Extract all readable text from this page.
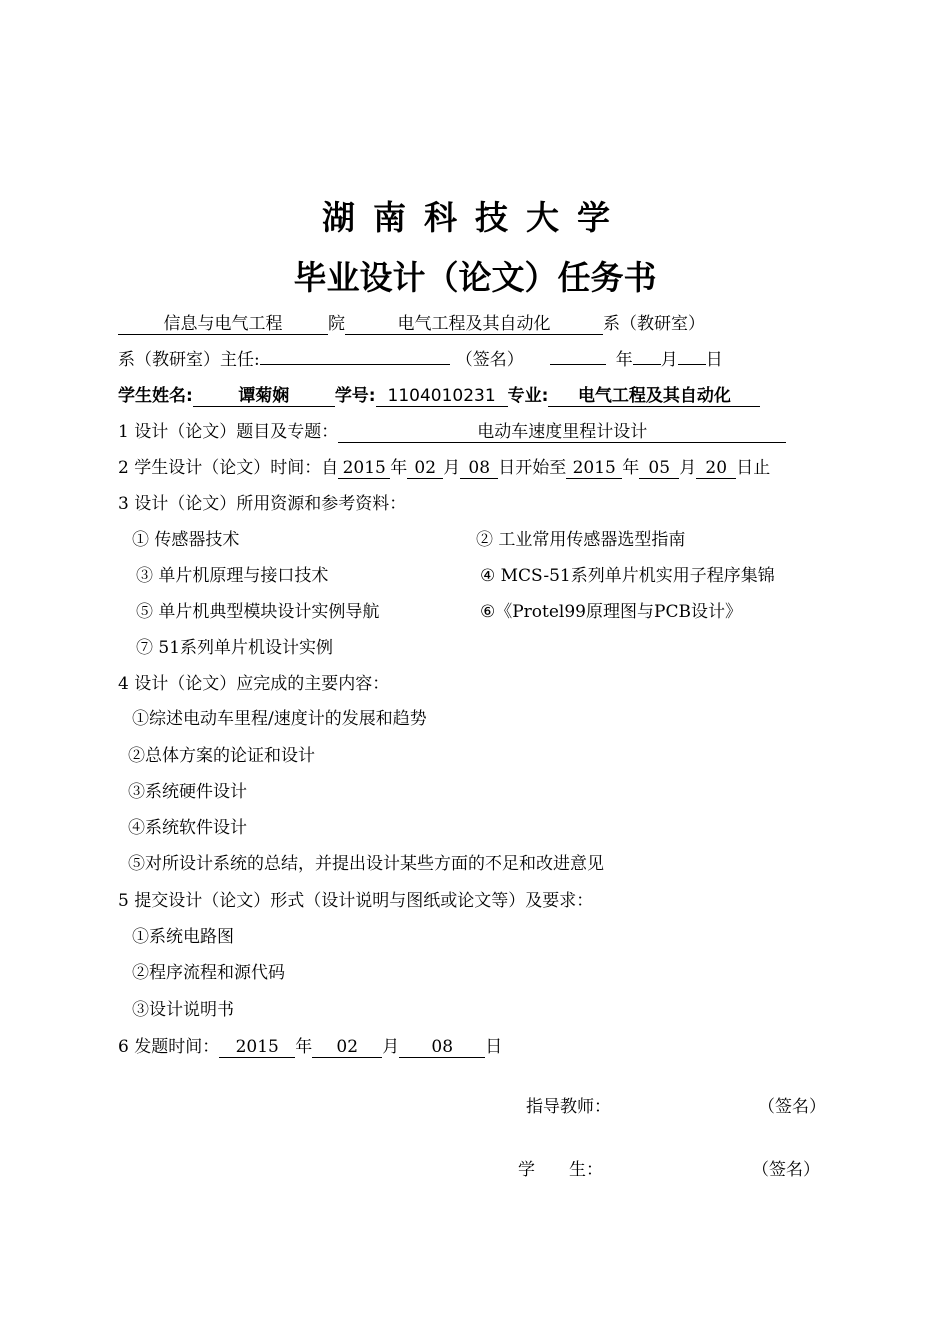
湖南科技大学
毕业设计（论文）任务书
信息与电气工程	院	电气工程及其自动化	系（教研室）
系（教研室）主任:	（签名）	年 月 日
学生姓名:	谭菊娴	学号: 1104010231 专业: 电气工程及其自动化
1 设计（论文）题目及专题：	电动车速度里程计设计
2 学生设计（论文）时间：自 2015 年 02 月 08 日开始至 2015 年 05 月 20 日止
3 设计（论文）所用资源和参考资料：
① 传感器技术	② 工业常用传感器选型指南
③ 单片机原理与接口技术	④ MCS-51系列单片机实用子程序集锦
⑤ 单片机典型模块设计实例导航	⑥《Protel99原理图与PCB设计》
⑦ 51系列单片机设计实例
4 设计（论文）应完成的主要内容：
①综述电动车里程/速度计的发展和趋势
②总体方案的论证和设计
③系统硬件设计
④系统软件设计
⑤对所设计系统的总结，并提出设计某些方面的不足和改进意见
5 提交设计（论文）形式（设计说明与图纸或论文等）及要求：
①系统电路图
②程序流程和源代码
③设计说明书
6 发题时间： 2015 年 02 月 08 日
指导教师：	（签名）
学　　生：	（签名）
